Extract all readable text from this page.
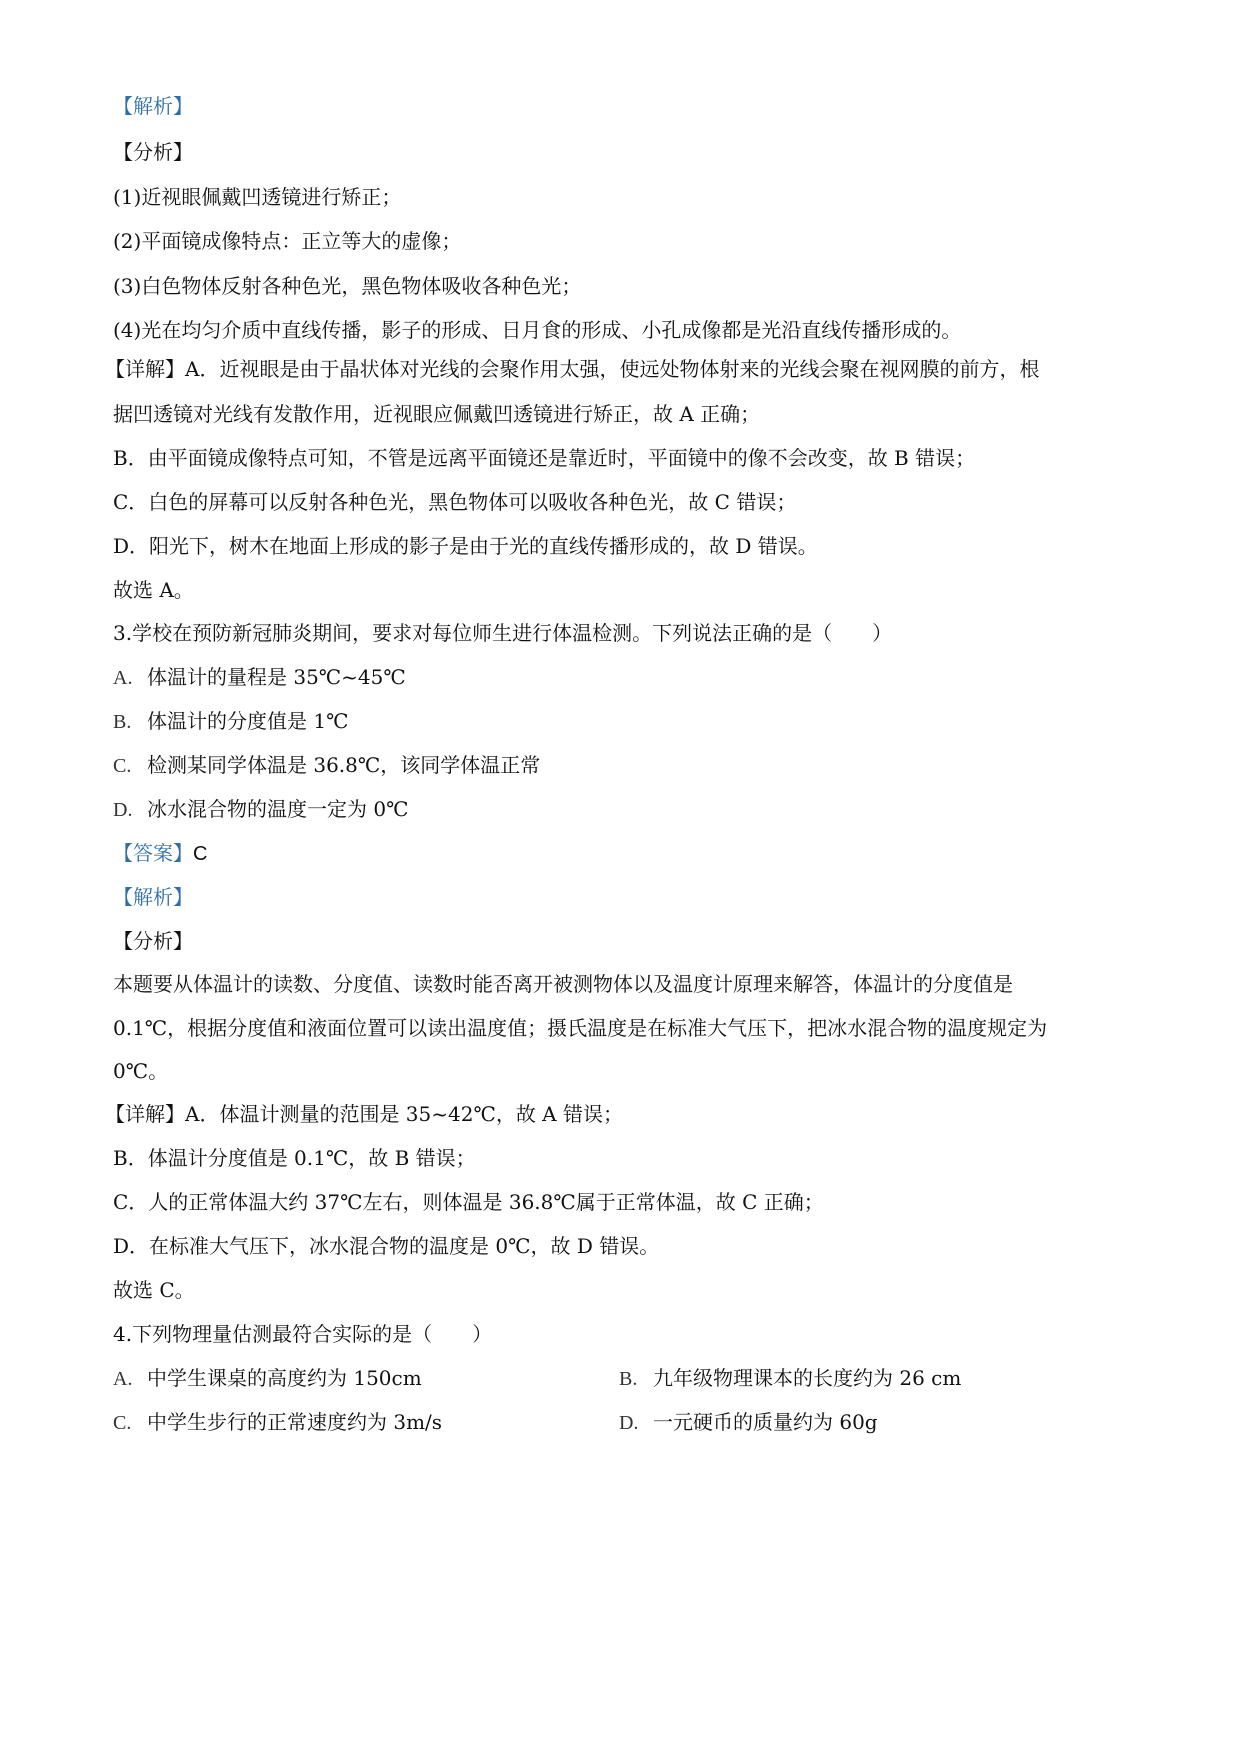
【解析】
【分析】
(1)近视眼佩戴凹透镜进行矫正；
(2)平面镜成像特点：正立等大的虚像；
(3)白色物体反射各种色光，黑色物体吸收各种色光；
(4)光在均匀介质中直线传播，影子的形成、日月食的形成、小孔成像都是光沿直线传播形成的。
【详解】A．近视眼是由于晶状体对光线的会聚作用太强，使远处物体射来的光线会聚在视网膜的前方，根
据凹透镜对光线有发散作用，近视眼应佩戴凹透镜进行矫正，故 A 正确；
B．由平面镜成像特点可知，不管是远离平面镜还是靠近时，平面镜中的像不会改变，故 B 错误；
C．白色的屏幕可以反射各种色光，黑色物体可以吸收各种色光，故 C 错误；
D．阳光下，树木在地面上形成的影子是由于光的直线传播形成的，故 D 错误。
故选 A。
3.学校在预防新冠肺炎期间，要求对每位师生进行体温检测。下列说法正确的是（　　）
A. 体温计的量程是 35℃~45℃
B. 体温计的分度值是 1℃
C. 检测某同学体温是 36.8℃，该同学体温正常
D. 冰水混合物的温度一定为 0℃
【答案】C
【解析】
【分析】
本题要从体温计的读数、分度值、读数时能否离开被测物体以及温度计原理来解答，体温计的分度值是
0.1℃，根据分度值和液面位置可以读出温度值；摄氏温度是在标准大气压下，把冰水混合物的温度规定为
0℃。
【详解】A．体温计测量的范围是 35~42℃，故 A 错误；
B．体温计分度值是 0.1℃，故 B 错误；
C．人的正常体温大约 37℃左右，则体温是 36.8℃属于正常体温，故 C 正确；
D．在标准大气压下，冰水混合物的温度是 0℃，故 D 错误。
故选 C。
4.下列物理量估测最符合实际的是（　　）
A. 中学生课桌的高度约为 150cm	B. 九年级物理课本的长度约为 26 cm
C. 中学生步行的正常速度约为 3m/s	D. 一元硬币的质量约为 60g
